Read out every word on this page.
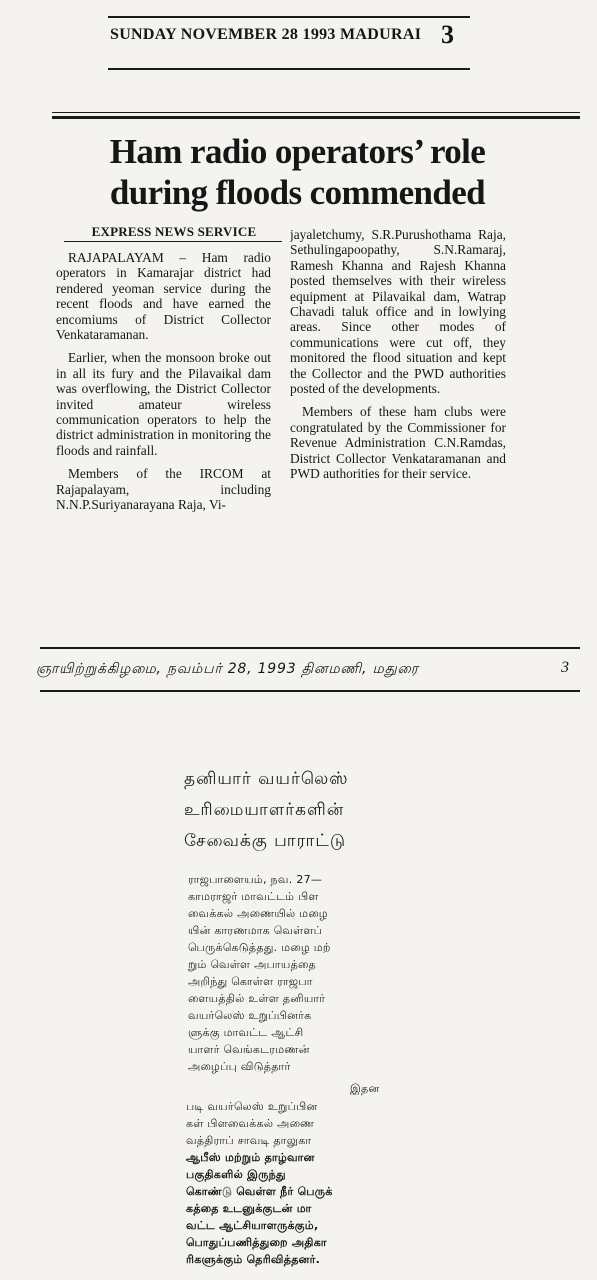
SUNDAY NOVEMBER 28 1993 MADURAI 3
Ham radio operators’ role
during floods commended
EXPRESS NEWS SERVICE

RAJAPALAYAM – Ham radio operators in Kamarajar district had rendered yeoman service during the recent floods and have earned the encomiums of District Collector Venkataramanan.

Earlier, when the monsoon broke out in all its fury and the Pilavaikal dam was overflowing, the District Collector invited amateur wireless communication operators to help the district administration in monitoring the floods and rainfall.

Members of the IRCOM at Rajapalayam, including N.N.P.Suriyanarayana Raja, Vi-

jayaletchumy, S.R.Purushothama Raja, Sethulingapoopathy, S.N.Ramaraj, Ramesh Khanna and Rajesh Khanna posted themselves with their wireless equipment at Pilavaikal dam, Watrap Chavadi taluk office and in lowlying areas. Since other modes of communications were cut off, they monitored the flood situation and kept the Collector and the PWD authorities posted of the developments.

Members of these ham clubs were congratulated by the Commissioner for Revenue Administration C.N.Ramdas, District Collector Venkataramanan and PWD authorities for their service.

ஞாயிற்றுக்கிழமை, நவம்பர் 28, 1993 தினமணி, மதுரை	3
தனியார் வயர்லெஸ்
உரிமையாளர்களின்
சேவைக்கு பாராட்டு
ராஜபாளையம், நவ. 27—
காமராஜர் மாவட்டம் பிள
வைக்கல் அணையில் மழை
யின் காரணமாக வெள்ளப்
பெருக்கெடுத்தது. மழை மற்
றும் வெள்ள அபாயத்தை
அறிந்து கொள்ள ராஜபா
ளையத்தில் உள்ள தனியார்
வயர்லெஸ் உறுப்பினர்க
ளுக்கு மாவட்ட ஆட்சி
யாளர் வெங்கடரமணன்
அழைப்பு விடுத்தார்
இதன
படி வயர்லெஸ் உறுப்பின
கள் பிளவைக்கல் அணை
வத்திராப் சாவடி தாலுகா
ஆபீஸ் மற்றும் தாழ்வான
பகுதிகளில் இருந்து
கொண்டு வெள்ள நீர் பெருக்
கத்தை உடனுக்குடன் மா
வட்ட ஆட்சியாளருக்கும்,
பொதுப்பணித்துறை அதிகா
ரிகளுக்கும் தெரிவித்தனர்.
